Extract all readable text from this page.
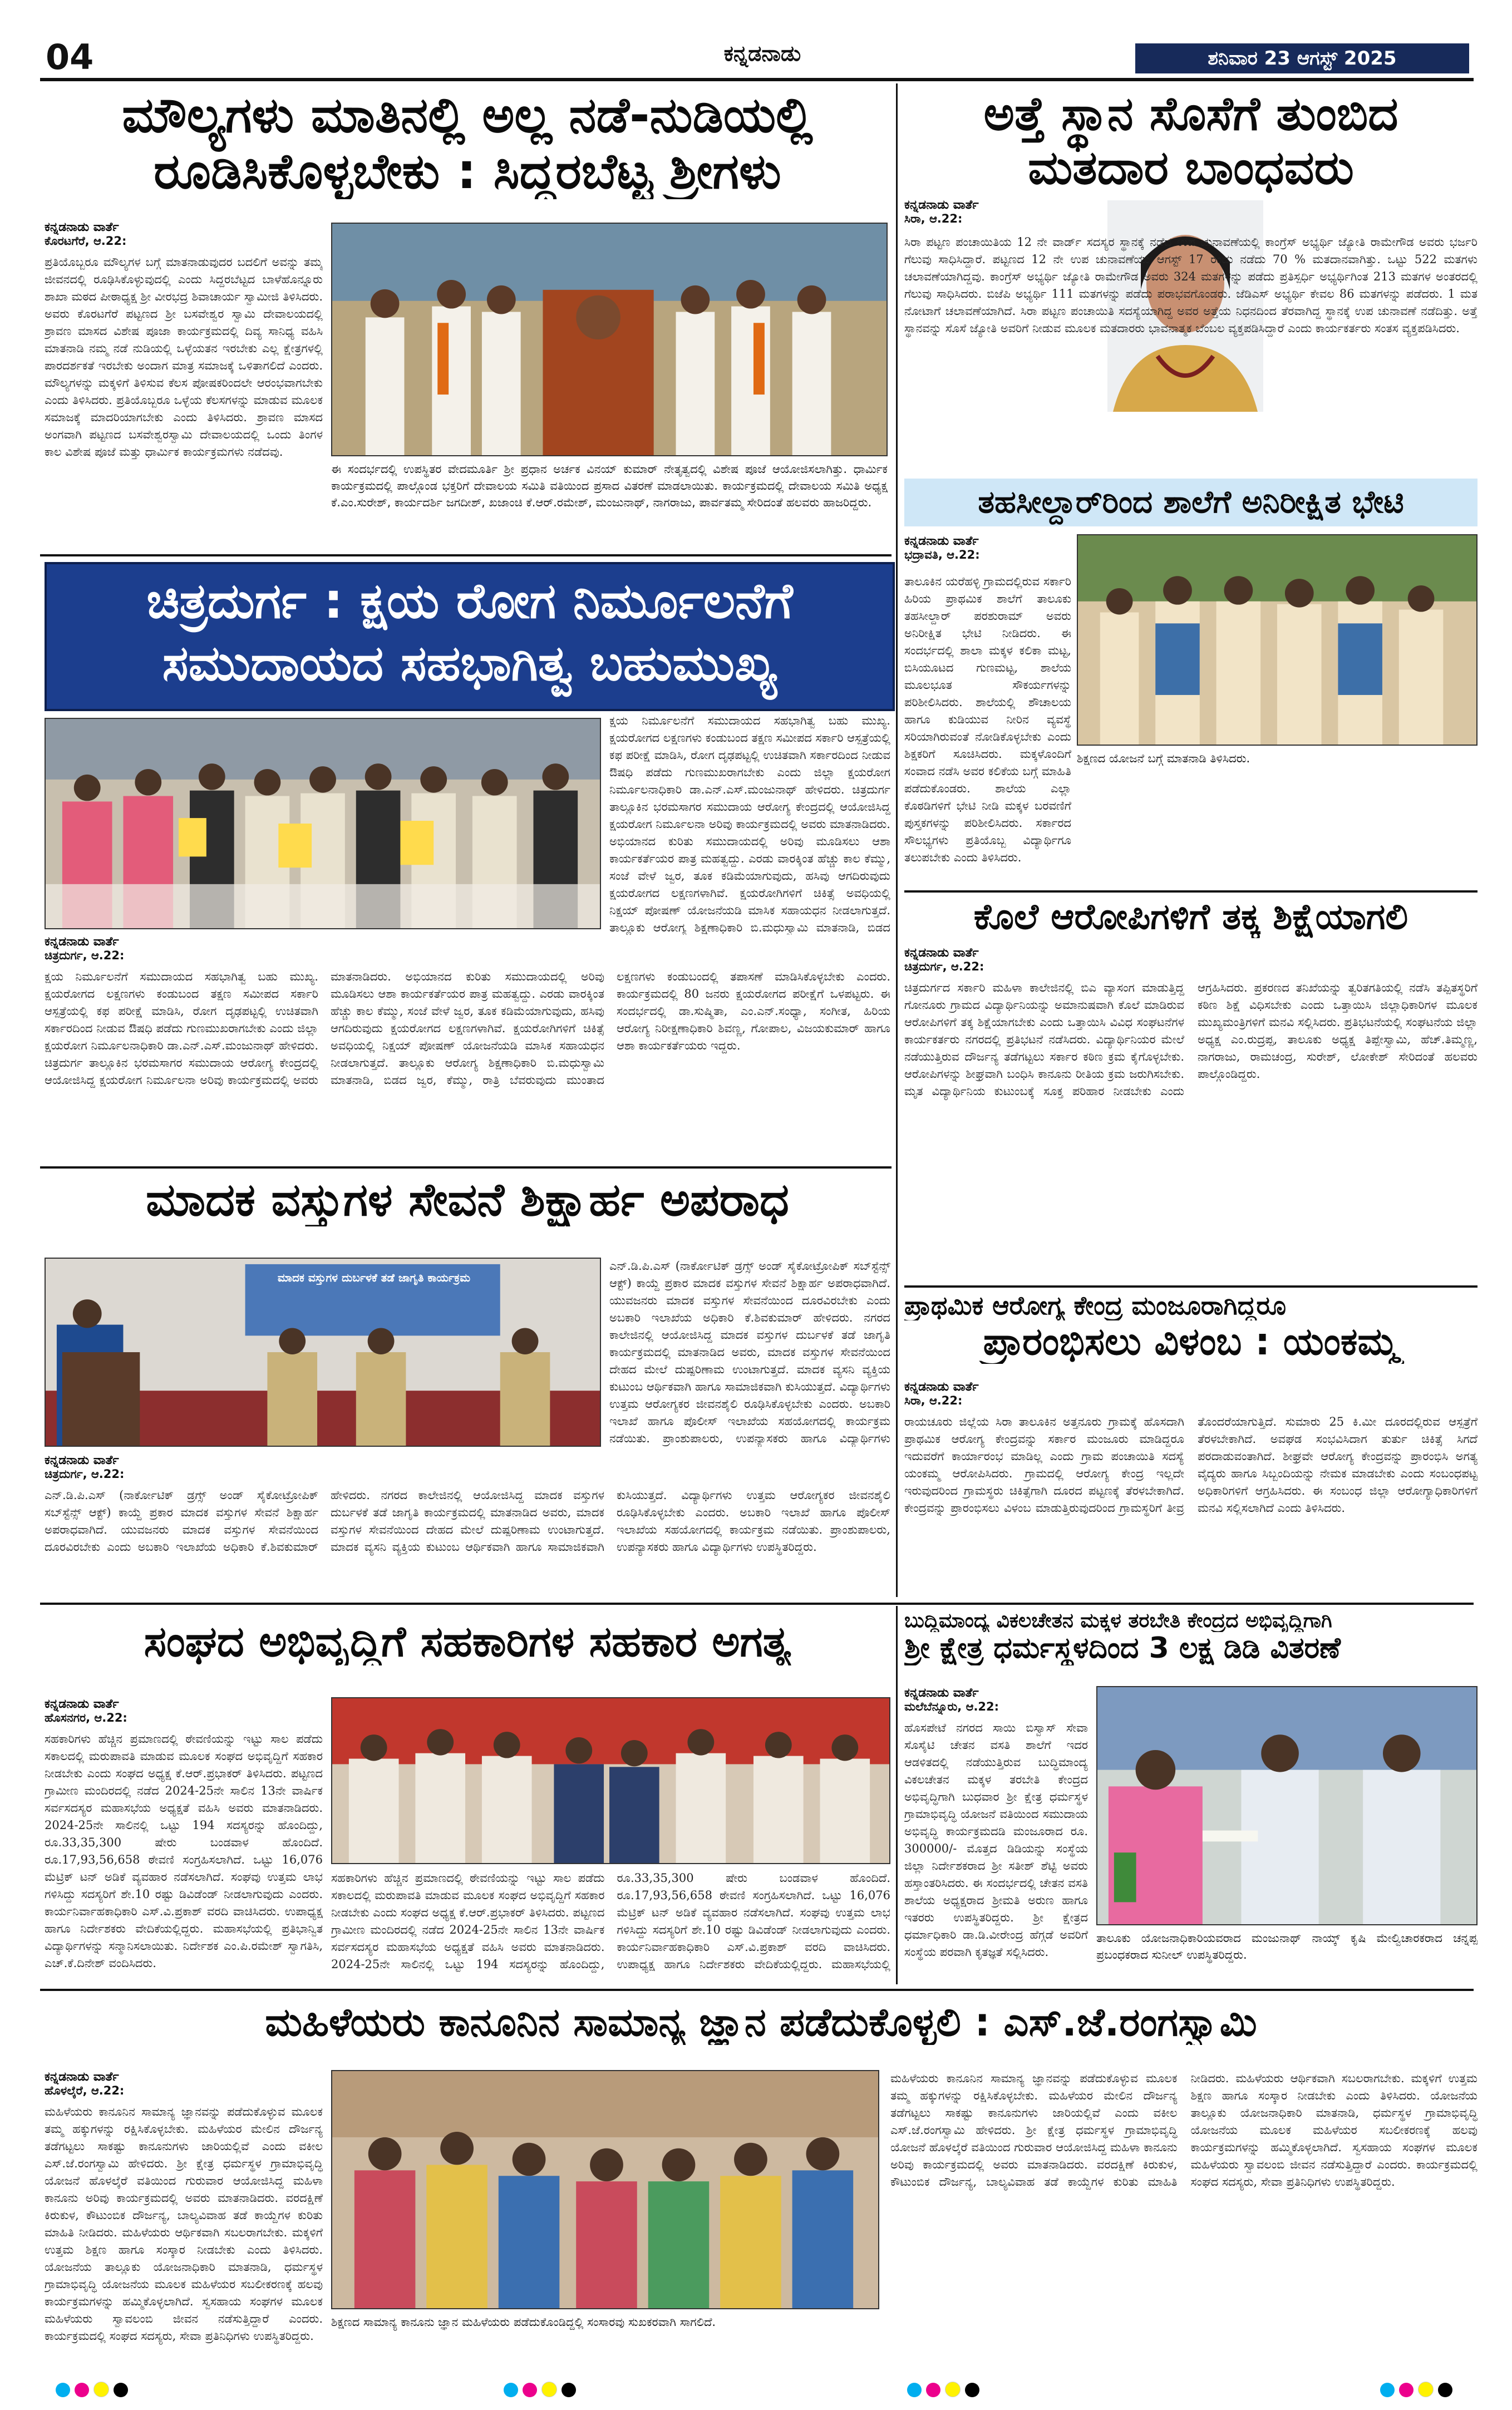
04	ಕನ್ನಡನಾಡು	ಶನಿವಾರ 23 ಆಗಸ್ಟ್ 2025
ಮೌಲ್ಯಗಳು ಮಾತಿನಲ್ಲಿ ಅಲ್ಲ ನಡೆ-ನುಡಿಯಲ್ಲಿ
ರೂಡಿಸಿಕೊಳ್ಳಬೇಕು : ಸಿದ್ದರಬೆಟ್ಟ ಶ್ರೀಗಳು
ಕನ್ನಡನಾಡು ವಾರ್ತೆ
ಕೊರಟಗೆರೆ, ಆ.22:
ಪ್ರತಿಯೊಬ್ಬರೂ ಮೌಲ್ಯಗಳ ಬಗ್ಗೆ ಮಾತನಾಡುವುದರ ಬದಲಿಗೆ ಅವನ್ನು ತಮ್ಮ ಜೀವನದಲ್ಲಿ ರೂಢಿಸಿಕೊಳ್ಳುವುದಲ್ಲಿ ಎಂದು ಸಿದ್ದರಬೆಟ್ಟದ ಬಾಳೆಹೊನ್ನೂರು ಶಾಖಾ ಮಠದ ಪೀಠಾಧ್ಯಕ್ಷ ಶ್ರೀ ವೀರಭದ್ರ ಶಿವಾಚಾರ್ಯ ಸ್ವಾಮೀಜಿ ತಿಳಿಸಿದರು. ಅವರು ಕೊರಟಗೆರೆ ಪಟ್ಟಣದ ಶ್ರೀ ಬಸವೇಶ್ವರ ಸ್ವಾಮಿ ದೇವಾಲಯದಲ್ಲಿ ಶ್ರಾವಣ ಮಾಸದ ವಿಶೇಷ ಪೂಜಾ ಕಾರ್ಯಕ್ರಮದಲ್ಲಿ ದಿವ್ಯ ಸಾನಿಧ್ಯ ವಹಿಸಿ ಮಾತನಾಡಿ ನಮ್ಮ ನಡೆ ನುಡಿಯಲ್ಲಿ ಒಳ್ಳೆಯತನ ಇರಬೇಕು ಎಲ್ಲ ಕ್ಷೇತ್ರಗಳಲ್ಲಿ ಪಾರದರ್ಶಕತೆ ಇರಬೇಕು ಅಂದಾಗ ಮಾತ್ರ ಸಮಾಜಕ್ಕೆ ಒಳಿತಾಗಲಿದೆ ಎಂದರು. ಮೌಲ್ಯಗಳನ್ನು ಮಕ್ಕಳಿಗೆ ತಿಳಿಸುವ ಕೆಲಸ ಪೋಷಕರಿಂದಲೇ ಆರಂಭವಾಗಬೇಕು ಎಂದು ತಿಳಿಸಿದರು. ಪ್ರತಿಯೊಬ್ಬರೂ ಒಳ್ಳೆಯ ಕೆಲಸಗಳನ್ನು ಮಾಡುವ ಮೂಲಕ ಸಮಾಜಕ್ಕೆ ಮಾದರಿಯಾಗಬೇಕು ಎಂದು ತಿಳಿಸಿದರು. ಶ್ರಾವಣ ಮಾಸದ ಅಂಗವಾಗಿ ಪಟ್ಟಣದ ಬಸವೇಶ್ವರಸ್ವಾಮಿ ದೇವಾಲಯದಲ್ಲಿ ಒಂದು ತಿಂಗಳ ಕಾಲ ವಿಶೇಷ ಪೂಜೆ ಮತ್ತು ಧಾರ್ಮಿಕ ಕಾರ್ಯಕ್ರಮಗಳು ನಡೆದವು.
ಈ ಸಂದರ್ಭದಲ್ಲಿ ಉಪಸ್ಥಿತರ ವೇದಮೂರ್ತಿ ಶ್ರೀ ಪ್ರಧಾನ ಅರ್ಚಕ ವಿನಯ್ ಕುಮಾರ್ ನೇತೃತ್ವದಲ್ಲಿ ವಿಶೇಷ ಪೂಜೆ ಆಯೋಜಿಸಲಾಗಿತ್ತು. ಧಾರ್ಮಿಕ ಕಾರ್ಯಕ್ರಮದಲ್ಲಿ ಪಾಲ್ಗೊಂಡ ಭಕ್ತರಿಗೆ ದೇವಾಲಯ ಸಮಿತಿ ವತಿಯಿಂದ ಪ್ರಸಾದ ವಿತರಣೆ ಮಾಡಲಾಯಿತು. ಕಾರ್ಯಕ್ರಮದಲ್ಲಿ ದೇವಾಲಯ ಸಮಿತಿ ಅಧ್ಯಕ್ಷ ಕೆ.ಎಂ.ಸುರೇಶ್, ಕಾರ್ಯದರ್ಶಿ ಜಗದೀಶ್, ಖಜಾಂಚಿ ಕೆ.ಆರ್.ರಮೇಶ್, ಮಂಜುನಾಥ್, ನಾಗರಾಜು, ಪಾರ್ವತಮ್ಮ ಸೇರಿದಂತೆ ಹಲವರು ಹಾಜರಿದ್ದರು.
ಅತ್ತೆ ಸ್ಥಾನ ಸೊಸೆಗೆ ತುಂಬಿದ
ಮತದಾರ ಬಾಂಧವರು
ಕನ್ನಡನಾಡು ವಾರ್ತೆ
ಸಿರಾ, ಆ.22:
ಸಿರಾ ಪಟ್ಟಣ ಪಂಚಾಯಿತಿಯ 12 ನೇ ವಾರ್ಡ್ ಸದಸ್ಯರ ಸ್ಥಾನಕ್ಕೆ ನಡೆದ ಉಪ ಚುನಾವಣೆಯಲ್ಲಿ ಕಾಂಗ್ರೆಸ್ ಅಭ್ಯರ್ಥಿ ಜ್ಯೋತಿ ರಾಮೇಗೌಡ ಅವರು ಭರ್ಜರಿ ಗೆಲುವು ಸಾಧಿಸಿದ್ದಾರೆ. ಪಟ್ಟಣದ 12 ನೇ ಉಪ ಚುನಾವಣೆಯು ಆಗಸ್ಟ್ 17 ರಂದು ನಡೆದು 70 % ಮತದಾನವಾಗಿತ್ತು. ಒಟ್ಟು 522 ಮತಗಳು ಚಲಾವಣೆಯಾಗಿದ್ದವು. ಕಾಂಗ್ರೆಸ್ ಅಭ್ಯರ್ಥಿ ಜ್ಯೋತಿ ರಾಮೇಗೌಡ ಅವರು 324 ಮತಗಳನ್ನು ಪಡೆದು ಪ್ರತಿಸ್ಪರ್ಧಿ ಅಭ್ಯರ್ಥಿಗಿಂತ 213 ಮತಗಳ ಅಂತರದಲ್ಲಿ ಗೆಲುವು ಸಾಧಿಸಿದರು. ಬಿಜೆಪಿ ಅಭ್ಯರ್ಥಿ 111 ಮತಗಳನ್ನು ಪಡೆದು ಪರಾಭವಗೊಂಡರು. ಜೆಡಿಎಸ್ ಅಭ್ಯರ್ಥಿ ಕೇವಲ 86 ಮತಗಳನ್ನು ಪಡೆದರು. 1 ಮತ ನೋಟಾಗೆ ಚಲಾವಣೆಯಾಗಿದೆ. ಸಿರಾ ಪಟ್ಟಣ ಪಂಚಾಯಿತಿ ಸದಸ್ಯೆಯಾಗಿದ್ದ ಅವರ ಅತ್ತೆಯ ನಿಧನದಿಂದ ತೆರವಾಗಿದ್ದ ಸ್ಥಾನಕ್ಕೆ ಉಪ ಚುನಾವಣೆ ನಡೆದಿತ್ತು. ಅತ್ತೆ ಸ್ಥಾನವನ್ನು ಸೊಸೆ ಜ್ಯೋತಿ ಅವರಿಗೆ ನೀಡುವ ಮೂಲಕ ಮತದಾರರು ಭಾವನಾತ್ಮಕ ಬೆಂಬಲ ವ್ಯಕ್ತಪಡಿಸಿದ್ದಾರೆ ಎಂದು ಕಾರ್ಯಕರ್ತರು ಸಂತಸ ವ್ಯಕ್ತಪಡಿಸಿದರು.
ತಹಸೀಲ್ದಾರ್‌ರಿಂದ ಶಾಲೆಗೆ ಅನಿರೀಕ್ಷಿತ ಭೇಟಿ
ಕನ್ನಡನಾಡು ವಾರ್ತೆ
ಭದ್ರಾವತಿ, ಆ.22:
ತಾಲೂಕಿನ ಯರೆಹಳ್ಳಿ ಗ್ರಾಮದಲ್ಲಿರುವ ಸರ್ಕಾರಿ ಹಿರಿಯ ಪ್ರಾಥಮಿಕ ಶಾಲೆಗೆ ತಾಲೂಕು ತಹಸೀಲ್ದಾರ್ ಪರಶುರಾಮ್ ಅವರು ಅನಿರೀಕ್ಷಿತ ಭೇಟಿ ನೀಡಿದರು. ಈ ಸಂದರ್ಭದಲ್ಲಿ ಶಾಲಾ ಮಕ್ಕಳ ಕಲಿಕಾ ಮಟ್ಟ, ಬಿಸಿಯೂಟದ ಗುಣಮಟ್ಟ, ಶಾಲೆಯ ಮೂಲಭೂತ ಸೌಕರ್ಯಗಳನ್ನು ಪರಿಶೀಲಿಸಿದರು. ಶಾಲೆಯಲ್ಲಿ ಶೌಚಾಲಯ ಹಾಗೂ ಕುಡಿಯುವ ನೀರಿನ ವ್ಯವಸ್ಥೆ ಸರಿಯಾಗಿರುವಂತೆ ನೋಡಿಕೊಳ್ಳಬೇಕು ಎಂದು ಶಿಕ್ಷಕರಿಗೆ ಸೂಚಿಸಿದರು. ಮಕ್ಕಳೊಂದಿಗೆ ಸಂವಾದ ನಡೆಸಿ ಅವರ ಕಲಿಕೆಯ ಬಗ್ಗೆ ಮಾಹಿತಿ ಪಡೆದುಕೊಂಡರು. ಶಾಲೆಯ ಎಲ್ಲಾ ಕೊಠಡಿಗಳಿಗೆ ಭೇಟಿ ನೀಡಿ ಮಕ್ಕಳ ಬರವಣಿಗೆ ಪುಸ್ತಕಗಳನ್ನು ಪರಿಶೀಲಿಸಿದರು. ಸರ್ಕಾರದ ಸೌಲಭ್ಯಗಳು ಪ್ರತಿಯೊಬ್ಬ ವಿದ್ಯಾರ್ಥಿಗೂ ತಲುಪಬೇಕು ಎಂದು ತಿಳಿಸಿದರು.
ಶಿಕ್ಷಣದ ಯೋಜನೆ ಬಗ್ಗೆ ಮಾತನಾಡಿ ತಿಳಿಸಿದರು.
ಚಿತ್ರದುರ್ಗ : ಕ್ಷಯ ರೋಗ ನಿರ್ಮೂಲನೆಗೆ
ಸಮುದಾಯದ ಸಹಭಾಗಿತ್ವ ಬಹುಮುಖ್ಯ
ಕನ್ನಡನಾಡು ವಾರ್ತೆ
ಚಿತ್ರದುರ್ಗ, ಆ.22:
ಕ್ಷಯ ನಿರ್ಮೂಲನೆಗೆ ಸಮುದಾಯದ ಸಹಭಾಗಿತ್ವ ಬಹು ಮುಖ್ಯ. ಕ್ಷಯರೋಗದ ಲಕ್ಷಣಗಳು ಕಂಡುಬಂದ ತಕ್ಷಣ ಸಮೀಪದ ಸರ್ಕಾರಿ ಆಸ್ಪತ್ರೆಯಲ್ಲಿ ಕಫ ಪರೀಕ್ಷೆ ಮಾಡಿಸಿ, ರೋಗ ದೃಢಪಟ್ಟಲ್ಲಿ ಉಚಿತವಾಗಿ ಸರ್ಕಾರದಿಂದ ನೀಡುವ ಔಷಧಿ ಪಡೆದು ಗುಣಮುಖರಾಗಬೇಕು ಎಂದು ಜಿಲ್ಲಾ ಕ್ಷಯರೋಗ ನಿರ್ಮೂಲನಾಧಿಕಾರಿ ಡಾ.ಎನ್.ಎಸ್.ಮಂಜುನಾಥ್ ಹೇಳಿದರು. ಚಿತ್ರದುರ್ಗ ತಾಲ್ಲೂಕಿನ ಭರಮಸಾಗರ ಸಮುದಾಯ ಆರೋಗ್ಯ ಕೇಂದ್ರದಲ್ಲಿ ಆಯೋಜಿಸಿದ್ದ ಕ್ಷಯರೋಗ ನಿರ್ಮೂಲನಾ ಅರಿವು ಕಾರ್ಯಕ್ರಮದಲ್ಲಿ ಅವರು ಮಾತನಾಡಿದರು. ಅಭಿಯಾನದ ಕುರಿತು ಸಮುದಾಯದಲ್ಲಿ ಅರಿವು ಮೂಡಿಸಲು ಆಶಾ ಕಾರ್ಯಕರ್ತೆಯರ ಪಾತ್ರ ಮಹತ್ವದ್ದು. ಎರಡು ವಾರಕ್ಕಿಂತ ಹೆಚ್ಚು ಕಾಲ ಕೆಮ್ಮು, ಸಂಜೆ ವೇಳೆ ಜ್ವರ, ತೂಕ ಕಡಿಮೆಯಾಗುವುದು, ಹಸಿವು ಆಗದಿರುವುದು ಕ್ಷಯರೋಗದ ಲಕ್ಷಣಗಳಾಗಿವೆ. ಕ್ಷಯರೋಗಿಗಳಿಗೆ ಚಿಕಿತ್ಸೆ ಅವಧಿಯಲ್ಲಿ ನಿಕ್ಷಯ್ ಪೋಷಣ್ ಯೋಜನೆಯಡಿ ಮಾಸಿಕ ಸಹಾಯಧನ ನೀಡಲಾಗುತ್ತದೆ. ತಾಲ್ಲೂಕು ಆರೋಗ್ಯ ಶಿಕ್ಷಣಾಧಿಕಾರಿ ಬಿ.ಮಧುಸ್ವಾಮಿ ಮಾತನಾಡಿ, ಬಿಡದ ಜ್ವರ, ಕೆಮ್ಮು, ರಾತ್ರಿ ಬೆವರುವುದು ಮುಂತಾದ ಲಕ್ಷಣಗಳು ಕಂಡುಬಂದಲ್ಲಿ ತಪಾಸಣೆ ಮಾಡಿಸಿಕೊಳ್ಳಬೇಕು ಎಂದರು. ಕಾರ್ಯಕ್ರಮದಲ್ಲಿ 80 ಜನರು ಕ್ಷಯರೋಗದ ಪರೀಕ್ಷೆಗೆ ಒಳಪಟ್ಟರು. ಈ ಸಂದರ್ಭದಲ್ಲಿ ಡಾ.ಸುಷ್ಮಿತಾ, ಎಂ.ಎನ್.ಸಂಧ್ಯಾ, ಸಂಗೀತ, ಹಿರಿಯ ಆರೋಗ್ಯ ನಿರೀಕ್ಷಣಾಧಿಕಾರಿ ಶಿವಣ್ಣ, ಗೋಪಾಲ, ವಿಜಯಕುಮಾರ್ ಹಾಗೂ ಆಶಾ ಕಾರ್ಯಕರ್ತೆಯರು ಇದ್ದರು.
ಕ್ಷಯ ನಿರ್ಮೂಲನೆಗೆ ಸಮುದಾಯದ ಸಹಭಾಗಿತ್ವ ಬಹು ಮುಖ್ಯ. ಕ್ಷಯರೋಗದ ಲಕ್ಷಣಗಳು ಕಂಡುಬಂದ ತಕ್ಷಣ ಸಮೀಪದ ಸರ್ಕಾರಿ ಆಸ್ಪತ್ರೆಯಲ್ಲಿ ಕಫ ಪರೀಕ್ಷೆ ಮಾಡಿಸಿ, ರೋಗ ದೃಢಪಟ್ಟಲ್ಲಿ ಉಚಿತವಾಗಿ ಸರ್ಕಾರದಿಂದ ನೀಡುವ ಔಷಧಿ ಪಡೆದು ಗುಣಮುಖರಾಗಬೇಕು ಎಂದು ಜಿಲ್ಲಾ ಕ್ಷಯರೋಗ ನಿರ್ಮೂಲನಾಧಿಕಾರಿ ಡಾ.ಎನ್.ಎಸ್.ಮಂಜುನಾಥ್ ಹೇಳಿದರು. ಚಿತ್ರದುರ್ಗ ತಾಲ್ಲೂಕಿನ ಭರಮಸಾಗರ ಸಮುದಾಯ ಆರೋಗ್ಯ ಕೇಂದ್ರದಲ್ಲಿ ಆಯೋಜಿಸಿದ್ದ ಕ್ಷಯರೋಗ ನಿರ್ಮೂಲನಾ ಅರಿವು ಕಾರ್ಯಕ್ರಮದಲ್ಲಿ ಅವರು ಮಾತನಾಡಿದರು. ಅಭಿಯಾನದ ಕುರಿತು ಸಮುದಾಯದಲ್ಲಿ ಅರಿವು ಮೂಡಿಸಲು ಆಶಾ ಕಾರ್ಯಕರ್ತೆಯರ ಪಾತ್ರ ಮಹತ್ವದ್ದು. ಎರಡು ವಾರಕ್ಕಿಂತ ಹೆಚ್ಚು ಕಾಲ ಕೆಮ್ಮು, ಸಂಜೆ ವೇಳೆ ಜ್ವರ, ತೂಕ ಕಡಿಮೆಯಾಗುವುದು, ಹಸಿವು ಆಗದಿರುವುದು ಕ್ಷಯರೋಗದ ಲಕ್ಷಣಗಳಾಗಿವೆ. ಕ್ಷಯರೋಗಿಗಳಿಗೆ ಚಿಕಿತ್ಸೆ ಅವಧಿಯಲ್ಲಿ ನಿಕ್ಷಯ್ ಪೋಷಣ್ ಯೋಜನೆಯಡಿ ಮಾಸಿಕ ಸಹಾಯಧನ ನೀಡಲಾಗುತ್ತದೆ. ತಾಲ್ಲೂಕು ಆರೋಗ್ಯ ಶಿಕ್ಷಣಾಧಿಕಾರಿ ಬಿ.ಮಧುಸ್ವಾಮಿ ಮಾತನಾಡಿ, ಬಿಡದ	ಕೊಲೆ ಆರೋಪಿಗಳಿಗೆ ತಕ್ಕ ಶಿಕ್ಷೆಯಾಗಲಿ
ಕನ್ನಡನಾಡು ವಾರ್ತೆ
ಚಿತ್ರದುರ್ಗ, ಆ.22:
ಚಿತ್ರದುರ್ಗದ ಸರ್ಕಾರಿ ಮಹಿಳಾ ಕಾಲೇಜಿನಲ್ಲಿ ಬಿಎ ವ್ಯಾಸಂಗ ಮಾಡುತ್ತಿದ್ದ ಗೋನೂರು ಗ್ರಾಮದ ವಿದ್ಯಾರ್ಥಿನಿಯನ್ನು ಅಮಾನುಷವಾಗಿ ಕೊಲೆ ಮಾಡಿರುವ ಆರೋಪಿಗಳಿಗೆ ತಕ್ಕ ಶಿಕ್ಷೆಯಾಗಬೇಕು ಎಂದು ಒತ್ತಾಯಿಸಿ ವಿವಿಧ ಸಂಘಟನೆಗಳ ಕಾರ್ಯಕರ್ತರು ನಗರದಲ್ಲಿ ಪ್ರತಿಭಟನೆ ನಡೆಸಿದರು. ವಿದ್ಯಾರ್ಥಿನಿಯರ ಮೇಲೆ ನಡೆಯುತ್ತಿರುವ ದೌರ್ಜನ್ಯ ತಡೆಗಟ್ಟಲು ಸರ್ಕಾರ ಕಠಿಣ ಕ್ರಮ ಕೈಗೊಳ್ಳಬೇಕು. ಆರೋಪಿಗಳನ್ನು ಶೀಘ್ರವಾಗಿ ಬಂಧಿಸಿ ಕಾನೂನು ರೀತಿಯ ಕ್ರಮ ಜರುಗಿಸಬೇಕು. ಮೃತ ವಿದ್ಯಾರ್ಥಿನಿಯ ಕುಟುಂಬಕ್ಕೆ ಸೂಕ್ತ ಪರಿಹಾರ ನೀಡಬೇಕು ಎಂದು ಆಗ್ರಹಿಸಿದರು. ಪ್ರಕರಣದ ತನಿಖೆಯನ್ನು ತ್ವರಿತಗತಿಯಲ್ಲಿ ನಡೆಸಿ ತಪ್ಪಿತಸ್ಥರಿಗೆ ಕಠಿಣ ಶಿಕ್ಷೆ ವಿಧಿಸಬೇಕು ಎಂದು ಒತ್ತಾಯಿಸಿ ಜಿಲ್ಲಾಧಿಕಾರಿಗಳ ಮೂಲಕ ಮುಖ್ಯಮಂತ್ರಿಗಳಿಗೆ ಮನವಿ ಸಲ್ಲಿಸಿದರು. ಪ್ರತಿಭಟನೆಯಲ್ಲಿ ಸಂಘಟನೆಯ ಜಿಲ್ಲಾ ಅಧ್ಯಕ್ಷ ಎಂ.ರುದ್ರಪ್ಪ, ತಾಲೂಕು ಅಧ್ಯಕ್ಷ ತಿಪ್ಪೇಸ್ವಾಮಿ, ಹೆಚ್.ತಿಮ್ಮಣ್ಣ, ನಾಗರಾಜು, ರಾಮಚಂದ್ರ, ಸುರೇಶ್, ಲೋಕೇಶ್ ಸೇರಿದಂತೆ ಹಲವರು ಪಾಲ್ಗೊಂಡಿದ್ದರು.
ಮಾದಕ ವಸ್ತುಗಳ ಸೇವನೆ ಶಿಕ್ಷಾರ್ಹ ಅಪರಾಧ
ಮಾದಕ ವಸ್ತುಗಳ ದುರ್ಬಳಕೆ ತಡೆ ಜಾಗೃತಿ ಕಾರ್ಯಕ್ರಮ
ಕನ್ನಡನಾಡು ವಾರ್ತೆ
ಚಿತ್ರದುರ್ಗ, ಆ.22:
ಎನ್.ಡಿ.ಪಿ.ಎಸ್ (ನಾರ್ಕೋಟಿಕ್ ಡ್ರಗ್ಸ್ ಅಂಡ್ ಸೈಕೋಟ್ರೋಪಿಕ್ ಸಬ್‌ಸ್ಟೆನ್ಸ್ ಆಕ್ಟ್) ಕಾಯ್ದೆ ಪ್ರಕಾರ ಮಾದಕ ವಸ್ತುಗಳ ಸೇವನೆ ಶಿಕ್ಷಾರ್ಹ ಅಪರಾಧವಾಗಿದೆ. ಯುವಜನರು ಮಾದಕ ವಸ್ತುಗಳ ಸೇವನೆಯಿಂದ ದೂರವಿರಬೇಕು ಎಂದು ಅಬಕಾರಿ ಇಲಾಖೆಯ ಅಧಿಕಾರಿ ಕೆ.ಶಿವಕುಮಾರ್ ಹೇಳಿದರು. ನಗರದ ಕಾಲೇಜಿನಲ್ಲಿ ಆಯೋಜಿಸಿದ್ದ ಮಾದಕ ವಸ್ತುಗಳ ದುರ್ಬಳಕೆ ತಡೆ ಜಾಗೃತಿ ಕಾರ್ಯಕ್ರಮದಲ್ಲಿ ಮಾತನಾಡಿದ ಅವರು, ಮಾದಕ ವಸ್ತುಗಳ ಸೇವನೆಯಿಂದ ದೇಹದ ಮೇಲೆ ದುಷ್ಪರಿಣಾಮ ಉಂಟಾಗುತ್ತದೆ. ಮಾದಕ ವ್ಯಸನಿ ವ್ಯಕ್ತಿಯ ಕುಟುಂಬ ಆರ್ಥಿಕವಾಗಿ ಹಾಗೂ ಸಾಮಾಜಿಕವಾಗಿ ಕುಸಿಯುತ್ತದೆ. ವಿದ್ಯಾರ್ಥಿಗಳು ಉತ್ತಮ ಆರೋಗ್ಯಕರ ಜೀವನಶೈಲಿ ರೂಢಿಸಿಕೊಳ್ಳಬೇಕು ಎಂದರು. ಅಬಕಾರಿ ಇಲಾಖೆ ಹಾಗೂ ಪೊಲೀಸ್ ಇಲಾಖೆಯ ಸಹಯೋಗದಲ್ಲಿ ಕಾರ್ಯಕ್ರಮ ನಡೆಯಿತು. ಪ್ರಾಂಶುಪಾಲರು, ಉಪನ್ಯಾಸಕರು ಹಾಗೂ ವಿದ್ಯಾರ್ಥಿಗಳು ಉಪಸ್ಥಿತರಿದ್ದರು.
ಎನ್.ಡಿ.ಪಿ.ಎಸ್ (ನಾರ್ಕೋಟಿಕ್ ಡ್ರಗ್ಸ್ ಅಂಡ್ ಸೈಕೋಟ್ರೋಪಿಕ್ ಸಬ್‌ಸ್ಟೆನ್ಸ್ ಆಕ್ಟ್) ಕಾಯ್ದೆ ಪ್ರಕಾರ ಮಾದಕ ವಸ್ತುಗಳ ಸೇವನೆ ಶಿಕ್ಷಾರ್ಹ ಅಪರಾಧವಾಗಿದೆ. ಯುವಜನರು ಮಾದಕ ವಸ್ತುಗಳ ಸೇವನೆಯಿಂದ ದೂರವಿರಬೇಕು ಎಂದು ಅಬಕಾರಿ ಇಲಾಖೆಯ ಅಧಿಕಾರಿ ಕೆ.ಶಿವಕುಮಾರ್ ಹೇಳಿದರು. ನಗರದ ಕಾಲೇಜಿನಲ್ಲಿ ಆಯೋಜಿಸಿದ್ದ ಮಾದಕ ವಸ್ತುಗಳ ದುರ್ಬಳಕೆ ತಡೆ ಜಾಗೃತಿ ಕಾರ್ಯಕ್ರಮದಲ್ಲಿ ಮಾತನಾಡಿದ ಅವರು, ಮಾದಕ ವಸ್ತುಗಳ ಸೇವನೆಯಿಂದ ದೇಹದ ಮೇಲೆ ದುಷ್ಪರಿಣಾಮ ಉಂಟಾಗುತ್ತದೆ. ಮಾದಕ ವ್ಯಸನಿ ವ್ಯಕ್ತಿಯ ಕುಟುಂಬ ಆರ್ಥಿಕವಾಗಿ ಹಾಗೂ ಸಾಮಾಜಿಕವಾಗಿ ಕುಸಿಯುತ್ತದೆ. ವಿದ್ಯಾರ್ಥಿಗಳು ಉತ್ತಮ ಆರೋಗ್ಯಕರ ಜೀವನಶೈಲಿ ರೂಢಿಸಿಕೊಳ್ಳಬೇಕು ಎಂದರು. ಅಬಕಾರಿ ಇಲಾಖೆ ಹಾಗೂ ಪೊಲೀಸ್ ಇಲಾಖೆಯ ಸಹಯೋಗದಲ್ಲಿ ಕಾರ್ಯಕ್ರಮ ನಡೆಯಿತು. ಪ್ರಾಂಶುಪಾಲರು, ಉಪನ್ಯಾಸಕರು ಹಾಗೂ ವಿದ್ಯಾರ್ಥಿಗಳು
ಪ್ರಾಥಮಿಕ ಆರೋಗ್ಯ ಕೇಂದ್ರ ಮಂಜೂರಾಗಿದ್ದರೂ
ಪ್ರಾರಂಭಿಸಲು ವಿಳಂಬ : ಯಂಕಮ್ಮ
ಕನ್ನಡನಾಡು ವಾರ್ತೆ
ಸಿರಾ, ಆ.22:
ರಾಯಚೂರು ಜಿಲ್ಲೆಯ ಸಿರಾ ತಾಲೂಕಿನ ಅತ್ತನೂರು ಗ್ರಾಮಕ್ಕೆ ಹೊಸದಾಗಿ ಪ್ರಾಥಮಿಕ ಆರೋಗ್ಯ ಕೇಂದ್ರವನ್ನು ಸರ್ಕಾರ ಮಂಜೂರು ಮಾಡಿದ್ದರೂ ಇದುವರೆಗೆ ಕಾರ್ಯಾರಂಭ ಮಾಡಿಲ್ಲ ಎಂದು ಗ್ರಾಮ ಪಂಚಾಯಿತಿ ಸದಸ್ಯೆ ಯಂಕಮ್ಮ ಆರೋಪಿಸಿದರು. ಗ್ರಾಮದಲ್ಲಿ ಆರೋಗ್ಯ ಕೇಂದ್ರ ಇಲ್ಲದೇ ಇರುವುದರಿಂದ ಗ್ರಾಮಸ್ಥರು ಚಿಕಿತ್ಸೆಗಾಗಿ ದೂರದ ಪಟ್ಟಣಕ್ಕೆ ತೆರಳಬೇಕಾಗಿದೆ. ಕೇಂದ್ರವನ್ನು ಪ್ರಾರಂಭಿಸಲು ವಿಳಂಬ ಮಾಡುತ್ತಿರುವುದರಿಂದ ಗ್ರಾಮಸ್ಥರಿಗೆ ತೀವ್ರ ತೊಂದರೆಯಾಗುತ್ತಿದೆ. ಸುಮಾರು 25 ಕಿ.ಮೀ ದೂರದಲ್ಲಿರುವ ಆಸ್ಪತ್ರೆಗೆ ತೆರಳಬೇಕಾಗಿದೆ. ಅವಘಡ ಸಂಭವಿಸಿದಾಗ ತುರ್ತು ಚಿಕಿತ್ಸೆ ಸಿಗದೆ ಪರದಾಡುವಂತಾಗಿದೆ. ಶೀಘ್ರವೇ ಆರೋಗ್ಯ ಕೇಂದ್ರವನ್ನು ಪ್ರಾರಂಭಿಸಿ ಅಗತ್ಯ ವೈದ್ಯರು ಹಾಗೂ ಸಿಬ್ಬಂದಿಯನ್ನು ನೇಮಕ ಮಾಡಬೇಕು ಎಂದು ಸಂಬಂಧಪಟ್ಟ ಅಧಿಕಾರಿಗಳಿಗೆ ಆಗ್ರಹಿಸಿದರು. ಈ ಸಂಬಂಧ ಜಿಲ್ಲಾ ಆರೋಗ್ಯಾಧಿಕಾರಿಗಳಿಗೆ ಮನವಿ ಸಲ್ಲಿಸಲಾಗಿದೆ ಎಂದು ತಿಳಿಸಿದರು.
ಸಂಘದ ಅಭಿವೃದ್ದಿಗೆ ಸಹಕಾರಿಗಳ ಸಹಕಾರ ಅಗತ್ಯ
ಕನ್ನಡನಾಡು ವಾರ್ತೆ
ಹೊಸನಗರ, ಆ.22:
ಸಹಕಾರಿಗಳು ಹೆಚ್ಚಿನ ಪ್ರಮಾಣದಲ್ಲಿ ಠೇವಣಿಯನ್ನು ಇಟ್ಟು ಸಾಲ ಪಡೆದು ಸಕಾಲದಲ್ಲಿ ಮರುಪಾವತಿ ಮಾಡುವ ಮೂಲಕ ಸಂಘದ ಅಭಿವೃದ್ದಿಗೆ ಸಹಕಾರ ನೀಡಬೇಕು ಎಂದು ಸಂಘದ ಅಧ್ಯಕ್ಷ ಕೆ.ಆರ್.ಪ್ರಭಾಕರ್ ತಿಳಿಸಿದರು. ಪಟ್ಟಣದ ಗ್ರಾಮೀಣ ಮಂದಿರದಲ್ಲಿ ನಡೆದ 2024-25ನೇ ಸಾಲಿನ 13ನೇ ವಾರ್ಷಿಕ ಸರ್ವಸದಸ್ಯರ ಮಹಾಸಭೆಯ ಅಧ್ಯಕ್ಷತೆ ವಹಿಸಿ ಅವರು ಮಾತನಾಡಿದರು. 2024-25ನೇ ಸಾಲಿನಲ್ಲಿ ಒಟ್ಟು 194 ಸದಸ್ಯರನ್ನು ಹೊಂದಿದ್ದು, ರೂ.33,35,300 ಷೇರು ಬಂಡವಾಳ ಹೊಂದಿದೆ. ರೂ.17,93,56,658 ಠೇವಣಿ ಸಂಗ್ರಹಿಸಲಾಗಿದೆ. ಒಟ್ಟು 16,076 ಮೆಟ್ರಿಕ್ ಟನ್ ಅಡಿಕೆ ವ್ಯವಹಾರ ನಡೆಸಲಾಗಿದೆ. ಸಂಘವು ಉತ್ತಮ ಲಾಭ ಗಳಿಸಿದ್ದು ಸದಸ್ಯರಿಗೆ ಶೇ.10 ರಷ್ಟು ಡಿವಿಡೆಂಡ್ ನೀಡಲಾಗುವುದು ಎಂದರು. ಕಾರ್ಯನಿರ್ವಾಹಕಾಧಿಕಾರಿ ಎಸ್.ವಿ.ಪ್ರಕಾಶ್ ವರದಿ ವಾಚಿಸಿದರು. ಉಪಾಧ್ಯಕ್ಷ ಹಾಗೂ ನಿರ್ದೇಶಕರು ವೇದಿಕೆಯಲ್ಲಿದ್ದರು. ಮಹಾಸಭೆಯಲ್ಲಿ ಪ್ರತಿಭಾನ್ವಿತ ವಿದ್ಯಾರ್ಥಿಗಳನ್ನು ಸನ್ಮಾನಿಸಲಾಯಿತು. ನಿರ್ದೇಶಕ ಎಂ.ಪಿ.ರಮೇಶ್ ಸ್ವಾಗತಿಸಿ, ಎಚ್.ಕೆ.ದಿನೇಶ್ ವಂದಿಸಿದರು.
ಸಹಕಾರಿಗಳು ಹೆಚ್ಚಿನ ಪ್ರಮಾಣದಲ್ಲಿ ಠೇವಣಿಯನ್ನು ಇಟ್ಟು ಸಾಲ ಪಡೆದು ಸಕಾಲದಲ್ಲಿ ಮರುಪಾವತಿ ಮಾಡುವ ಮೂಲಕ ಸಂಘದ ಅಭಿವೃದ್ದಿಗೆ ಸಹಕಾರ ನೀಡಬೇಕು ಎಂದು ಸಂಘದ ಅಧ್ಯಕ್ಷ ಕೆ.ಆರ್.ಪ್ರಭಾಕರ್ ತಿಳಿಸಿದರು. ಪಟ್ಟಣದ ಗ್ರಾಮೀಣ ಮಂದಿರದಲ್ಲಿ ನಡೆದ 2024-25ನೇ ಸಾಲಿನ 13ನೇ ವಾರ್ಷಿಕ ಸರ್ವಸದಸ್ಯರ ಮಹಾಸಭೆಯ ಅಧ್ಯಕ್ಷತೆ ವಹಿಸಿ ಅವರು ಮಾತನಾಡಿದರು. 2024-25ನೇ ಸಾಲಿನಲ್ಲಿ ಒಟ್ಟು 194 ಸದಸ್ಯರನ್ನು ಹೊಂದಿದ್ದು, ರೂ.33,35,300 ಷೇರು ಬಂಡವಾಳ ಹೊಂದಿದೆ. ರೂ.17,93,56,658 ಠೇವಣಿ ಸಂಗ್ರಹಿಸಲಾಗಿದೆ. ಒಟ್ಟು 16,076 ಮೆಟ್ರಿಕ್ ಟನ್ ಅಡಿಕೆ ವ್ಯವಹಾರ ನಡೆಸಲಾಗಿದೆ. ಸಂಘವು ಉತ್ತಮ ಲಾಭ ಗಳಿಸಿದ್ದು ಸದಸ್ಯರಿಗೆ ಶೇ.10 ರಷ್ಟು ಡಿವಿಡೆಂಡ್ ನೀಡಲಾಗುವುದು ಎಂದರು. ಕಾರ್ಯನಿರ್ವಾಹಕಾಧಿಕಾರಿ ಎಸ್.ವಿ.ಪ್ರಕಾಶ್ ವರದಿ ವಾಚಿಸಿದರು. ಉಪಾಧ್ಯಕ್ಷ ಹಾಗೂ ನಿರ್ದೇಶಕರು ವೇದಿಕೆಯಲ್ಲಿದ್ದರು. ಮಹಾಸಭೆಯಲ್ಲಿ
ಬುದ್ಧಿಮಾಂದ್ಯ ವಿಕಲಚೇತನ ಮಕ್ಕಳ ತರಬೇತಿ ಕೇಂದ್ರದ ಅಭಿವೃದ್ಧಿಗಾಗಿ
ಶ್ರೀ ಕ್ಷೇತ್ರ ಧರ್ಮಸ್ಥಳದಿಂದ 3 ಲಕ್ಷ ಡಿಡಿ ವಿತರಣೆ
ಕನ್ನಡನಾಡು ವಾರ್ತೆ
ಮಲೆಬೆನ್ನೂರು, ಆ.22:
ಹೊಸಪೇಟೆ ನಗರದ ಸಾಯಿ ಬಿಸ್ವಾಸ್ ಸೇವಾ ಸೊಸೈಟಿ ಚೇತನ ವಸತಿ ಶಾಲೆಗೆ ಇದರ ಆಡಳಿತದಲ್ಲಿ ನಡೆಯುತ್ತಿರುವ ಬುದ್ಧಿಮಾಂದ್ಯ ವಿಕಲಚೇತನ ಮಕ್ಕಳ ತರಬೇತಿ ಕೇಂದ್ರದ ಅಭಿವೃದ್ಧಿಗಾಗಿ ಬುಧವಾರ ಶ್ರೀ ಕ್ಷೇತ್ರ ಧರ್ಮಸ್ಥಳ ಗ್ರಾಮಾಭಿವೃದ್ಧಿ ಯೋಜನೆ ವತಿಯಿಂದ ಸಮುದಾಯ ಅಭಿವೃದ್ಧಿ ಕಾರ್ಯಕ್ರಮದಡಿ ಮಂಜೂರಾದ ರೂ. 300000/- ಮೊತ್ತದ ಡಿಡಿಯನ್ನು ಸಂಸ್ಥೆಯ ಜಿಲ್ಲಾ ನಿರ್ದೇಶಕರಾದ ಶ್ರೀ ಸತೀಶ್ ಶೆಟ್ಟಿ ಅವರು ಹಸ್ತಾಂತರಿಸಿದರು. ಈ ಸಂದರ್ಭದಲ್ಲಿ ಚೇತನ ವಸತಿ ಶಾಲೆಯ ಅಧ್ಯಕ್ಷರಾದ ಶ್ರೀಮತಿ ಅರುಣ ಹಾಗೂ ಇತರರು ಉಪಸ್ಥಿತರಿದ್ದರು. ಶ್ರೀ ಕ್ಷೇತ್ರದ ಧರ್ಮಾಧಿಕಾರಿ ಡಾ.ಡಿ.ವೀರೇಂದ್ರ ಹೆಗ್ಗಡೆ ಅವರಿಗೆ ಸಂಸ್ಥೆಯ ಪರವಾಗಿ ಕೃತಜ್ಞತೆ ಸಲ್ಲಿಸಿದರು.
ತಾಲೂಕು ಯೋಜನಾಧಿಕಾರಿಯವರಾದ ಮಂಜುನಾಥ್ ನಾಯ್ಕ್ ಕೃಷಿ ಮೇಲ್ವಿಚಾರಕರಾದ ಚನ್ನಪ್ಪ ಪ್ರಬಂಧಕರಾದ ಸುನೀಲ್ ಉಪಸ್ಥಿತರಿದ್ದರು.
ಮಹಿಳೆಯರು ಕಾನೂನಿನ ಸಾಮಾನ್ಯ ಜ್ಞಾನ ಪಡೆದುಕೊಳ್ಳಲಿ : ಎಸ್.ಜೆ.ರಂಗಸ್ವಾಮಿ
ಕನ್ನಡನಾಡು ವಾರ್ತೆ
ಹೊಳಲ್ಕೆರೆ, ಆ.22:
ಮಹಿಳೆಯರು ಕಾನೂನಿನ ಸಾಮಾನ್ಯ ಜ್ಞಾನವನ್ನು ಪಡೆದುಕೊಳ್ಳುವ ಮೂಲಕ ತಮ್ಮ ಹಕ್ಕುಗಳನ್ನು ರಕ್ಷಿಸಿಕೊಳ್ಳಬೇಕು. ಮಹಿಳೆಯರ ಮೇಲಿನ ದೌರ್ಜನ್ಯ ತಡೆಗಟ್ಟಲು ಸಾಕಷ್ಟು ಕಾನೂನುಗಳು ಜಾರಿಯಲ್ಲಿವೆ ಎಂದು ವಕೀಲ ಎಸ್.ಜೆ.ರಂಗಸ್ವಾಮಿ ಹೇಳಿದರು. ಶ್ರೀ ಕ್ಷೇತ್ರ ಧರ್ಮಸ್ಥಳ ಗ್ರಾಮಾಭಿವೃದ್ಧಿ ಯೋಜನೆ ಹೊಳಲ್ಕೆರೆ ವತಿಯಿಂದ ಗುರುವಾರ ಆಯೋಜಿಸಿದ್ದ ಮಹಿಳಾ ಕಾನೂನು ಅರಿವು ಕಾರ್ಯಕ್ರಮದಲ್ಲಿ ಅವರು ಮಾತನಾಡಿದರು. ವರದಕ್ಷಿಣೆ ಕಿರುಕುಳ, ಕೌಟುಂಬಿಕ ದೌರ್ಜನ್ಯ, ಬಾಲ್ಯವಿವಾಹ ತಡೆ ಕಾಯ್ದೆಗಳ ಕುರಿತು ಮಾಹಿತಿ ನೀಡಿದರು. ಮಹಿಳೆಯರು ಆರ್ಥಿಕವಾಗಿ ಸಬಲರಾಗಬೇಕು. ಮಕ್ಕಳಿಗೆ ಉತ್ತಮ ಶಿಕ್ಷಣ ಹಾಗೂ ಸಂಸ್ಕಾರ ನೀಡಬೇಕು ಎಂದು ತಿಳಿಸಿದರು. ಯೋಜನೆಯ ತಾಲ್ಲೂಕು ಯೋಜನಾಧಿಕಾರಿ ಮಾತನಾಡಿ, ಧರ್ಮಸ್ಥಳ ಗ್ರಾಮಾಭಿವೃದ್ಧಿ ಯೋಜನೆಯ ಮೂಲಕ ಮಹಿಳೆಯರ ಸಬಲೀಕರಣಕ್ಕೆ ಹಲವು ಕಾರ್ಯಕ್ರಮಗಳನ್ನು ಹಮ್ಮಿಕೊಳ್ಳಲಾಗಿದೆ. ಸ್ವಸಹಾಯ ಸಂಘಗಳ ಮೂಲಕ ಮಹಿಳೆಯರು ಸ್ವಾವಲಂಬಿ ಜೀವನ ನಡೆಸುತ್ತಿದ್ದಾರೆ ಎಂದರು. ಕಾರ್ಯಕ್ರಮದಲ್ಲಿ ಸಂಘದ ಸದಸ್ಯರು, ಸೇವಾ ಪ್ರತಿನಿಧಿಗಳು ಉಪಸ್ಥಿತರಿದ್ದರು.
ಶಿಕ್ಷಣದ ಸಾಮಾನ್ಯ ಕಾನೂನು ಜ್ಞಾನ ಮಹಿಳೆಯರು ಪಡೆದುಕೊಂಡಿದ್ದಲ್ಲಿ ಸಂಸಾರವು ಸುಖಕರವಾಗಿ ಸಾಗಲಿದೆ.
ಮಹಿಳೆಯರು ಕಾನೂನಿನ ಸಾಮಾನ್ಯ ಜ್ಞಾನವನ್ನು ಪಡೆದುಕೊಳ್ಳುವ ಮೂಲಕ ತಮ್ಮ ಹಕ್ಕುಗಳನ್ನು ರಕ್ಷಿಸಿಕೊಳ್ಳಬೇಕು. ಮಹಿಳೆಯರ ಮೇಲಿನ ದೌರ್ಜನ್ಯ ತಡೆಗಟ್ಟಲು ಸಾಕಷ್ಟು ಕಾನೂನುಗಳು ಜಾರಿಯಲ್ಲಿವೆ ಎಂದು ವಕೀಲ ಎಸ್.ಜೆ.ರಂಗಸ್ವಾಮಿ ಹೇಳಿದರು. ಶ್ರೀ ಕ್ಷೇತ್ರ ಧರ್ಮಸ್ಥಳ ಗ್ರಾಮಾಭಿವೃದ್ಧಿ ಯೋಜನೆ ಹೊಳಲ್ಕೆರೆ ವತಿಯಿಂದ ಗುರುವಾರ ಆಯೋಜಿಸಿದ್ದ ಮಹಿಳಾ ಕಾನೂನು ಅರಿವು ಕಾರ್ಯಕ್ರಮದಲ್ಲಿ ಅವರು ಮಾತನಾಡಿದರು. ವರದಕ್ಷಿಣೆ ಕಿರುಕುಳ, ಕೌಟುಂಬಿಕ ದೌರ್ಜನ್ಯ, ಬಾಲ್ಯವಿವಾಹ ತಡೆ ಕಾಯ್ದೆಗಳ ಕುರಿತು ಮಾಹಿತಿ ನೀಡಿದರು. ಮಹಿಳೆಯರು ಆರ್ಥಿಕವಾಗಿ ಸಬಲರಾಗಬೇಕು. ಮಕ್ಕಳಿಗೆ ಉತ್ತಮ ಶಿಕ್ಷಣ ಹಾಗೂ ಸಂಸ್ಕಾರ ನೀಡಬೇಕು ಎಂದು ತಿಳಿಸಿದರು. ಯೋಜನೆಯ ತಾಲ್ಲೂಕು ಯೋಜನಾಧಿಕಾರಿ ಮಾತನಾಡಿ, ಧರ್ಮಸ್ಥಳ ಗ್ರಾಮಾಭಿವೃದ್ಧಿ ಯೋಜನೆಯ ಮೂಲಕ ಮಹಿಳೆಯರ ಸಬಲೀಕರಣಕ್ಕೆ ಹಲವು ಕಾರ್ಯಕ್ರಮಗಳನ್ನು ಹಮ್ಮಿಕೊಳ್ಳಲಾಗಿದೆ. ಸ್ವಸಹಾಯ ಸಂಘಗಳ ಮೂಲಕ ಮಹಿಳೆಯರು ಸ್ವಾವಲಂಬಿ ಜೀವನ ನಡೆಸುತ್ತಿದ್ದಾರೆ ಎಂದರು. ಕಾರ್ಯಕ್ರಮದಲ್ಲಿ ಸಂಘದ ಸದಸ್ಯರು, ಸೇವಾ ಪ್ರತಿನಿಧಿಗಳು ಉಪಸ್ಥಿತರಿದ್ದರು.
